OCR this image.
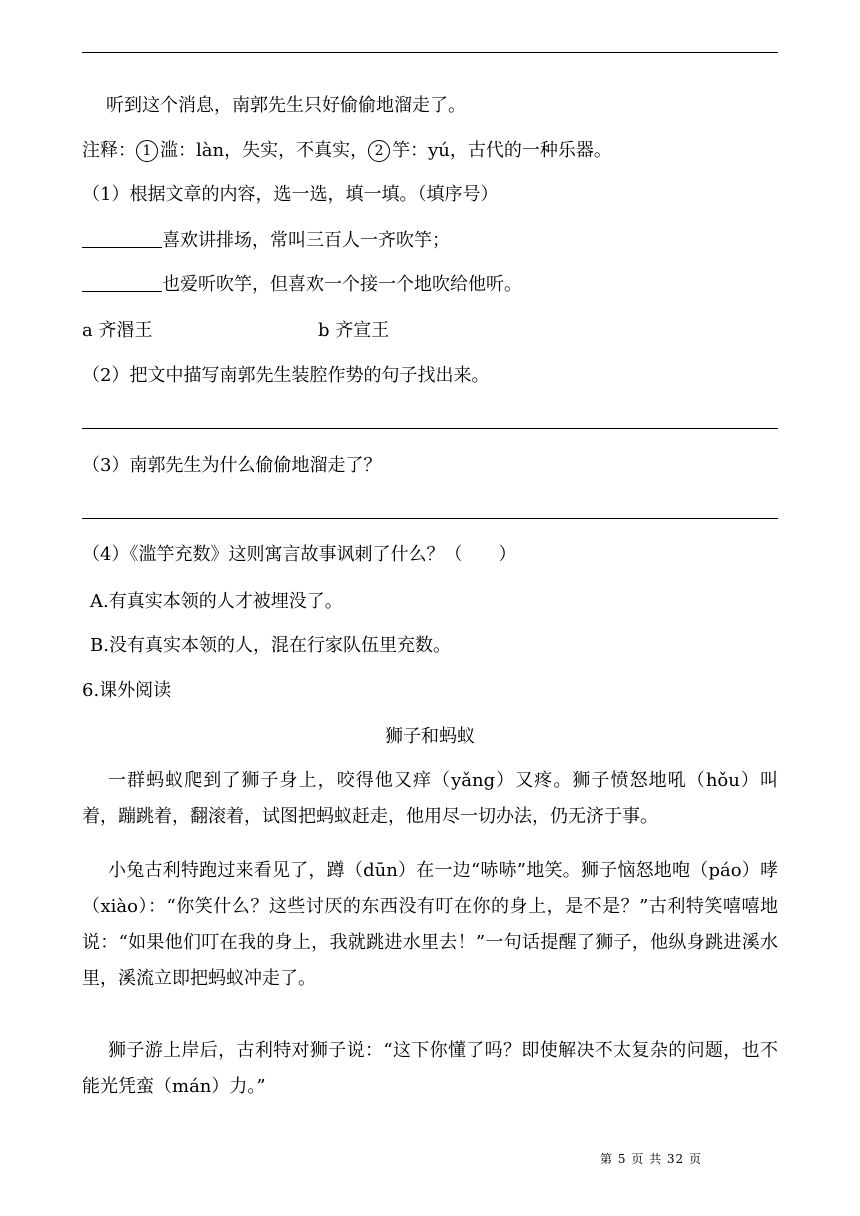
听到这个消息，南郭先生只好偷偷地溜走了。
注释： 1 滥：làn，失实，不真实， 2 竽：yú，古代的一种乐器。
（1）根据文章的内容，选一选，填一填。（填序号）
喜欢讲排场，常叫三百人一齐吹竽；
也爱听吹竽，但喜欢一个接一个地吹给他听。
a 齐湣王	b 齐宣王
（2）把文中描写南郭先生装腔作势的句子找出来。
（3）南郭先生为什么偷偷地溜走了？
（4）《滥竽充数》这则寓言故事讽刺了什么？（　　）
A.有真实本领的人才被埋没了。
B.没有真实本领的人，混在行家队伍里充数。
6.课外阅读
狮子和蚂蚁
一群蚂蚁爬到了狮子身上，咬得他又痒（yǎng）又疼。狮子愤怒地吼（hǒu）叫着，蹦跳着，翻滚着，试图把蚂蚁赶走，他用尽一切办法，仍无济于事。
小兔古利特跑过来看见了，蹲（dūn）在一边“哧哧”地笑。狮子恼怒地咆（páo）哮（xiào）：“你笑什么？这些讨厌的东西没有叮在你的身上，是不是？”古利特笑嘻嘻地说：“如果他们叮在我的身上，我就跳进水里去！”一句话提醒了狮子，他纵身跳进溪水里，溪流立即把蚂蚁冲走了。
狮子游上岸后，古利特对狮子说：“这下你懂了吗？即使解决不太复杂的问题，也不能光凭蛮（mán）力。”
第 5 页 共 32 页
